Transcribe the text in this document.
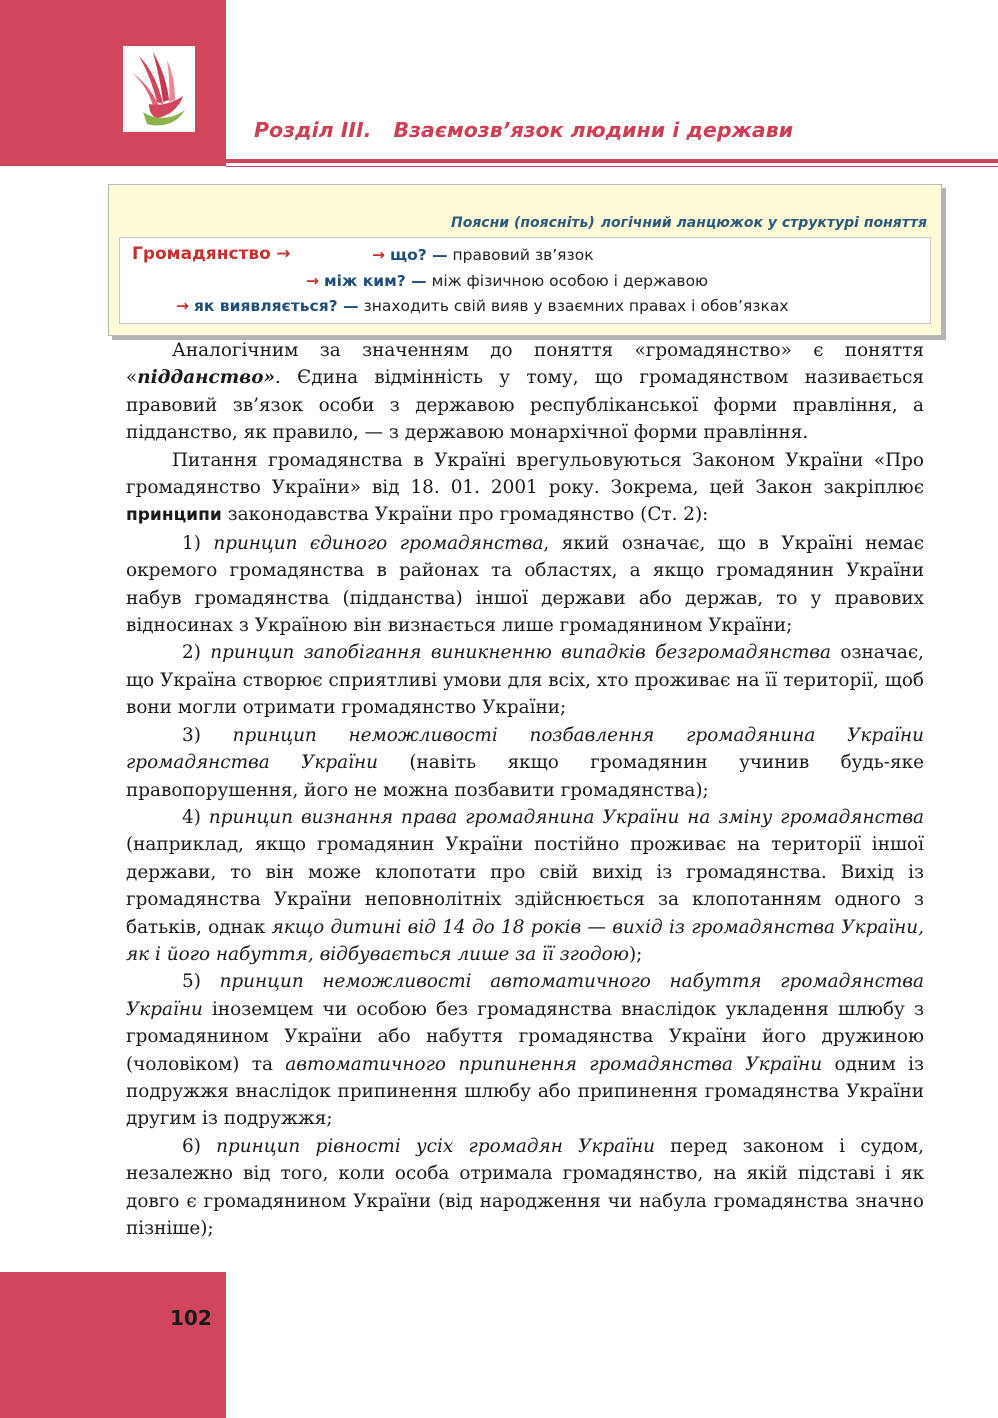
Розділ ІІІ. Взаємозв’язок людини і держави
Поясни (поясніть) логічний ланцюжок у структурі поняття
Громадянство →	→ що? — правовий зв’язок
→ між ким? — між фізичною особою і державою
→ як виявляється? — знаходить свій вияв у взаємних правах і обов’язках

Аналогічним за значенням до поняття «громадянство» є поняття «підданство». Єдина відмінність у тому, що громадянством називається правовий зв’язок особи з державою республіканської форми правління, а підданство, як правило, — з державою монархічної форми правління.

Питання громадянства в Україні врегульовуються Законом України «Про громадянство України» від 18. 01. 2001 року. Зокрема, цей Закон закріплює принципи законодавства України про громадянство (Ст. 2):

1) принцип єдиного громадянства, який означає, що в Україні немає окремого громадянства в районах та областях, а якщо громадянин України набув громадянства (підданства) іншої держави або держав, то у правових відносинах з Україною він визнається лише громадянином України;

2) принцип запобігання виникненню випадків безгромадянства означає, що Україна створює сприятливі умови для всіх, хто проживає на її території, щоб вони могли отримати громадянство України;

3) принцип неможливості позбавлення громадянина України громадянства України (навіть якщо громадянин учинив будь-яке правопорушення, його не можна позбавити громадянства);

4) принцип визнання права громадянина України на зміну громадянства (наприклад, якщо громадянин України постійно проживає на території іншої держави, то він може клопотати про свій вихід із громадянства. Вихід із громадянства України неповнолітніх здійснюється за клопотанням одного з батьків, однак якщо дитині від 14 до 18 років — вихід із громадянства України, як і його набуття, відбувається лише за її згодою);

5) принцип неможливості автоматичного набуття громадянства України іноземцем чи особою без громадянства внаслідок укладення шлюбу з громадянином України або набуття громадянства України його дружиною (чоловіком) та автоматичного припинення громадянства України одним із подружжя внаслідок припинення шлюбу або припинення громадянства України другим із подружжя;

6) принцип рівності усіх громадян України перед законом і судом, незалежно від того, коли особа отримала громадянство, на якій підставі і як довго є громадянином України (від народження чи набула громадянства значно пізніше);

102
